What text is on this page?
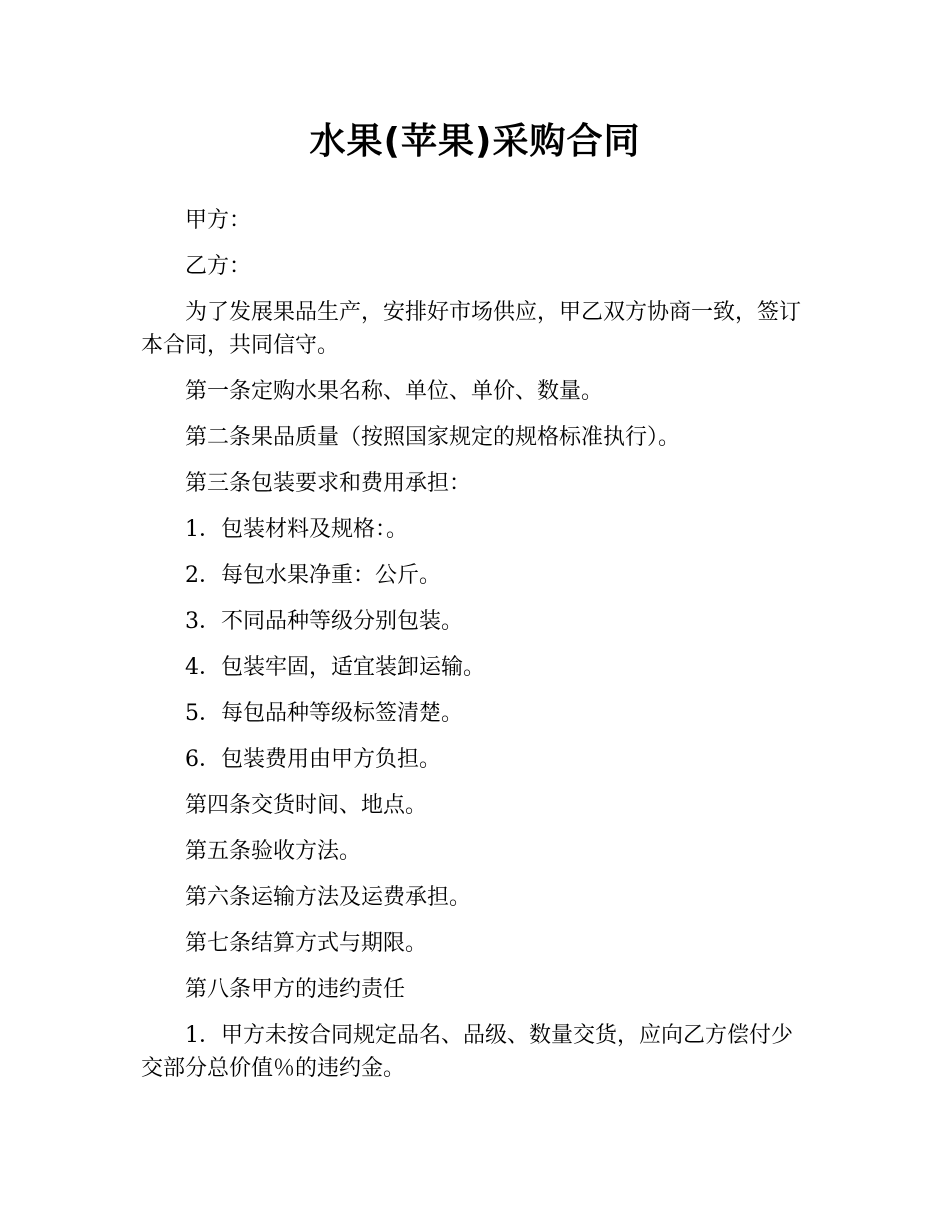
水果(苹果)采购合同

甲方：

乙方：

为了发展果品生产，安排好市场供应，甲乙双方协商一致，签订本合同，共同信守。

第一条定购水果名称、单位、单价、数量。

第二条果品质量（按照国家规定的规格标准执行）。

第三条包装要求和费用承担：

1．包装材料及规格：。

2．每包水果净重：公斤。

3．不同品种等级分别包装。

4．包装牢固，适宜装卸运输。

5．每包品种等级标签清楚。

6．包装费用由甲方负担。

第四条交货时间、地点。

第五条验收方法。

第六条运输方法及运费承担。

第七条结算方式与期限。

第八条甲方的违约责任

1．甲方未按合同规定品名、品级、数量交货，应向乙方偿付少交部分总价值％的违约金。
